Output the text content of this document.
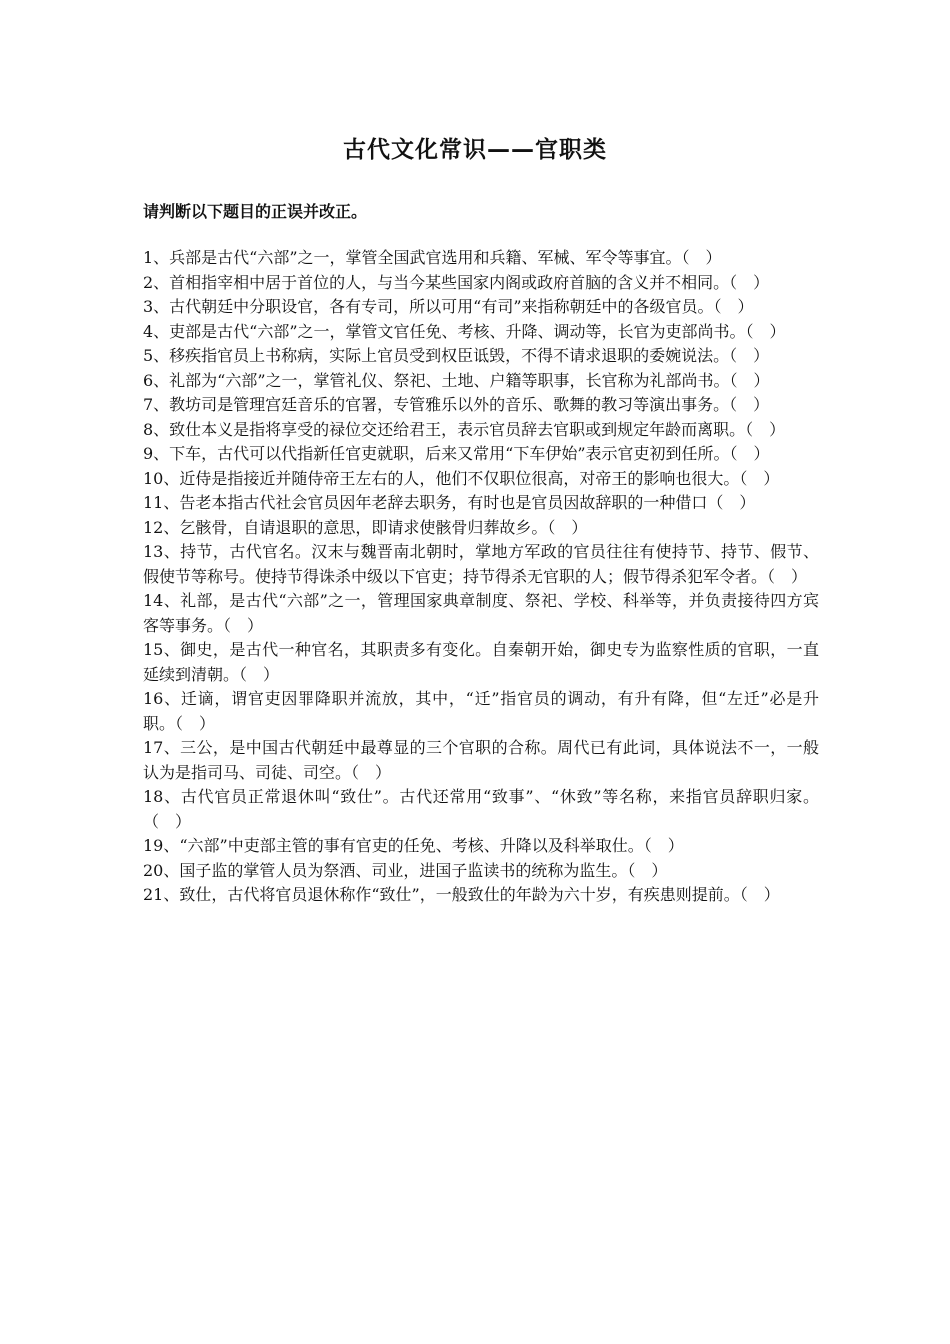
古代文化常识——官职类
请判断以下题目的正误并改正。
1、兵部是古代“六部”之一，掌管全国武官选用和兵籍、军械、军令等事宜。（　）
2、首相指宰相中居于首位的人，与当今某些国家内阁或政府首脑的含义并不相同。（　）
3、古代朝廷中分职设官，各有专司，所以可用“有司”来指称朝廷中的各级官员。（　）
4、吏部是古代“六部”之一，掌管文官任免、考核、升降、调动等，长官为吏部尚书。（　）
5、移疾指官员上书称病，实际上官员受到权臣诋毁，不得不请求退职的委婉说法。（　）
6、礼部为“六部”之一，掌管礼仪、祭祀、土地、户籍等职事，长官称为礼部尚书。（　）
7、教坊司是管理宫廷音乐的官署，专管雅乐以外的音乐、歌舞的教习等演出事务。（　）
8、致仕本义是指将享受的禄位交还给君王，表示官员辞去官职或到规定年龄而离职。（　）
9、下车，古代可以代指新任官吏就职，后来又常用“下车伊始”表示官吏初到任所。（　）
10、近侍是指接近并随侍帝王左右的人，他们不仅职位很高，对帝王的影响也很大。（　）
11、告老本指古代社会官员因年老辞去职务，有时也是官员因故辞职的一种借口（　）
12、乞骸骨，自请退职的意思，即请求使骸骨归葬故乡。（　）
13、持节，古代官名。汉末与魏晋南北朝时，掌地方军政的官员往往有使持节、持节、假节、假使节等称号。使持节得诛杀中级以下官吏；持节得杀无官职的人；假节得杀犯军令者。（　）
14、礼部，是古代“六部”之一，管理国家典章制度、祭祀、学校、科举等，并负责接待四方宾客等事务。（　）
15、御史，是古代一种官名，其职责多有变化。自秦朝开始，御史专为监察性质的官职，一直延续到清朝。（　）
16、迁谪，谓官吏因罪降职并流放，其中，“迁”指官员的调动，有升有降，但“左迁”必是升职。（　）
17、三公，是中国古代朝廷中最尊显的三个官职的合称。周代已有此词，具体说法不一，一般认为是指司马、司徒、司空。（　）
18、古代官员正常退休叫“致仕”。古代还常用“致事”、“休致”等名称，来指官员辞职归家。（　）
19、“六部”中吏部主管的事有官吏的任免、考核、升降以及科举取仕。（　）
20、国子监的掌管人员为祭酒、司业，进国子监读书的统称为监生。（　）
21、致仕，古代将官员退休称作“致仕”，一般致仕的年龄为六十岁，有疾患则提前。（　）
